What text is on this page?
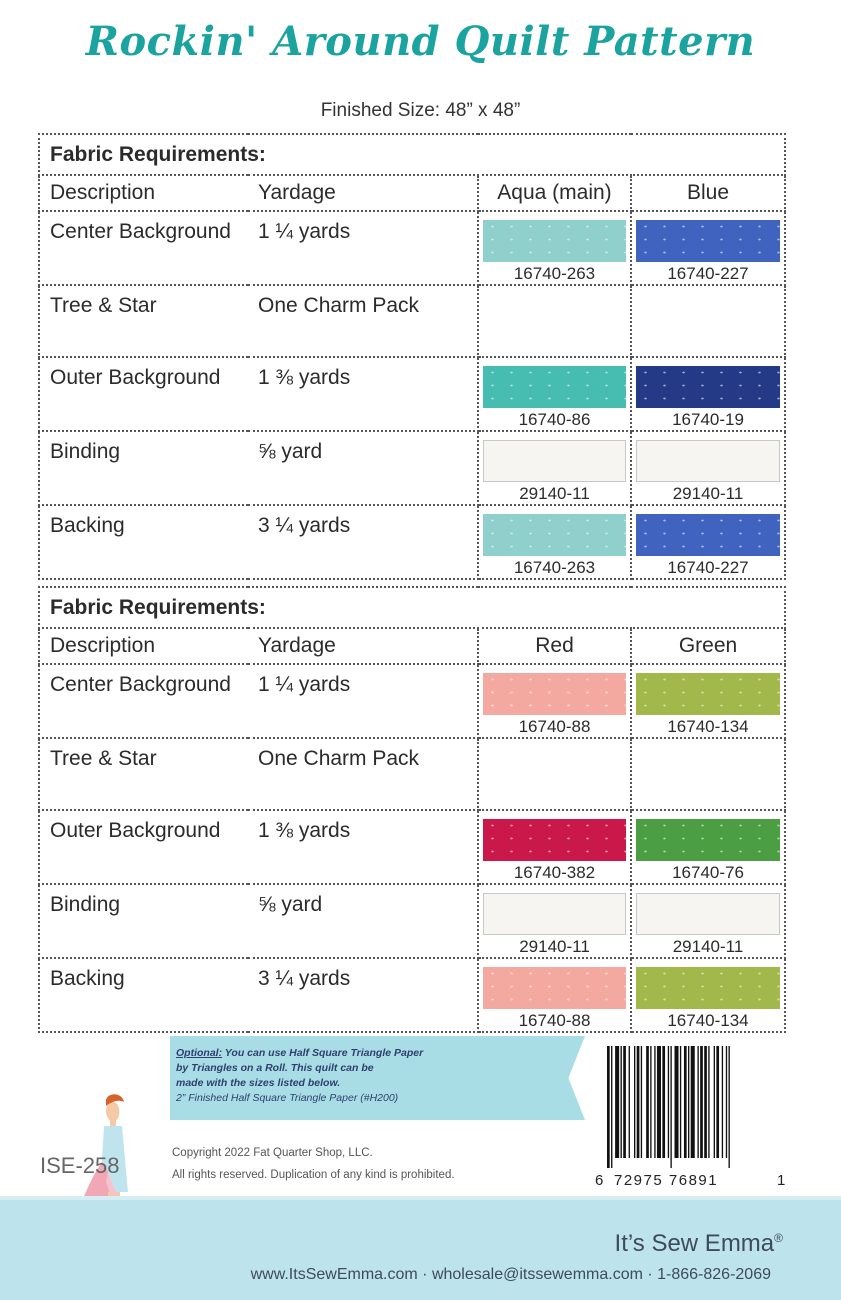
Rockin' Around Quilt Pattern
Finished Size: 48” x 48”
Fabric Requirements:			
Description	Yardage	Aqua (main)	Blue
Center Background	1 ¼ yards	16740-263	16740-227

Tree & Star	One Charm Pack		
Outer Background	1 ⅜ yards	16740-86	16740-19

Binding	⅝ yard	29140-11	29140-11

Backing	3 ¼ yards	16740-263	16740-227
Fabric Requirements:			
Description	Yardage	Red	Green
Center Background	1 ¼ yards	16740-88	16740-134

Tree & Star	One Charm Pack		
Outer Background	1 ⅜ yards	16740-382	16740-76

Binding	⅝ yard	29140-11	29140-11

Backing	3 ¼ yards	16740-88	16740-134
Optional: You can use Half Square Triangle Paper
by Triangles on a Roll. This quilt can be
made with the sizes listed below.
2” Finished Half Square Triangle Paper (#H200)
ISE-258	Copyright 2022 Fat Quarter Shop, LLC.
All rights reserved. Duplication of any kind is prohibited.	6 72975 76891	1
It’s Sew Emma®
www.ItsSewEmma.com · wholesale@itssewemma.com · 1-866-826-2069
